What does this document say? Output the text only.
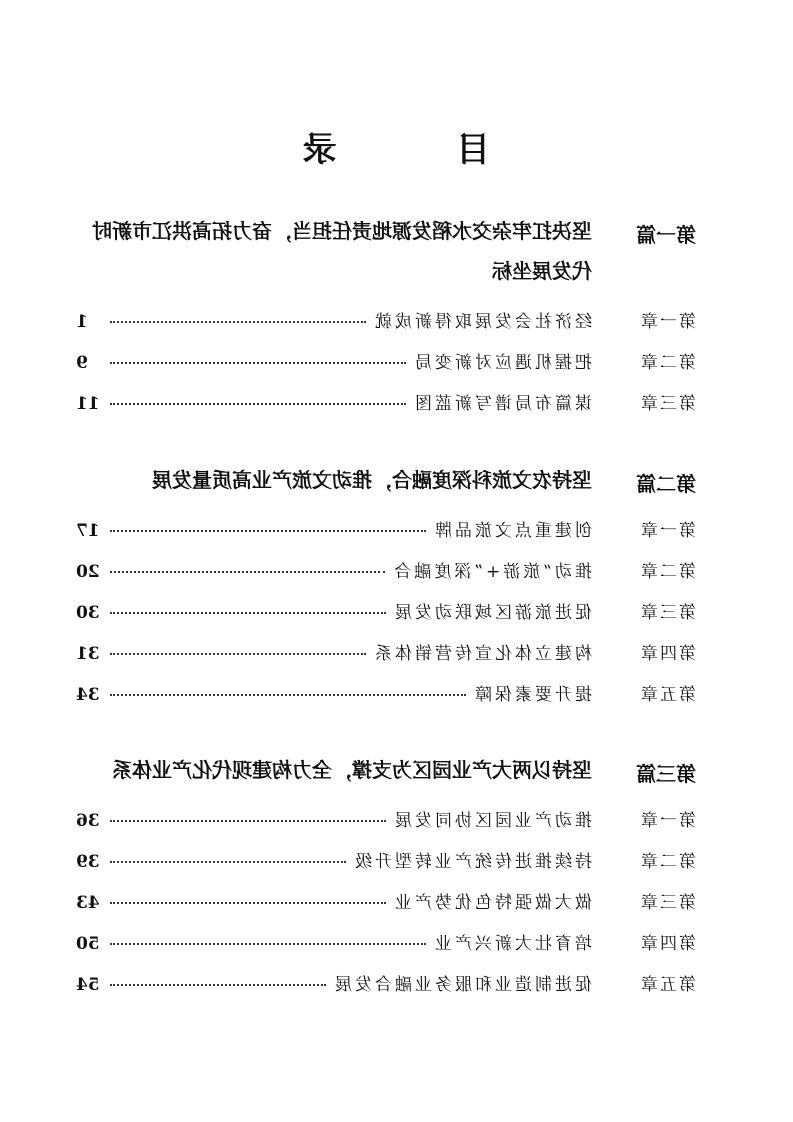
目 录
第一篇
坚决扛牢杂交水稻发源地责任担当，奋力拓高洪江市新时代发展坐标
第一章
经济社会发展取得新成就
1
第二章
把握机遇应对新变局
9
第三章
谋篇布局谱写新蓝图
11
第二篇
坚持农文旅科深度融合，推动文旅产业高质量发展
第一章
创建重点文旅品牌
17
第二章
推动“旅游+”深度融合
20
第三章
促进旅游区域联动发展
30
第四章
构建立体化宣传营销体系
31
第五章
提升要素保障
34
第三篇
坚持以两大产业园区为支撑，全力构建现代化产业体系
第一章
推动产业园区协同发展
36
第二章
持续推进传统产业转型升级
39
第三章
做大做强特色优势产业
43
第四章
培育壮大新兴产业
50
第五章
促进制造业和服务业融合发展
54
